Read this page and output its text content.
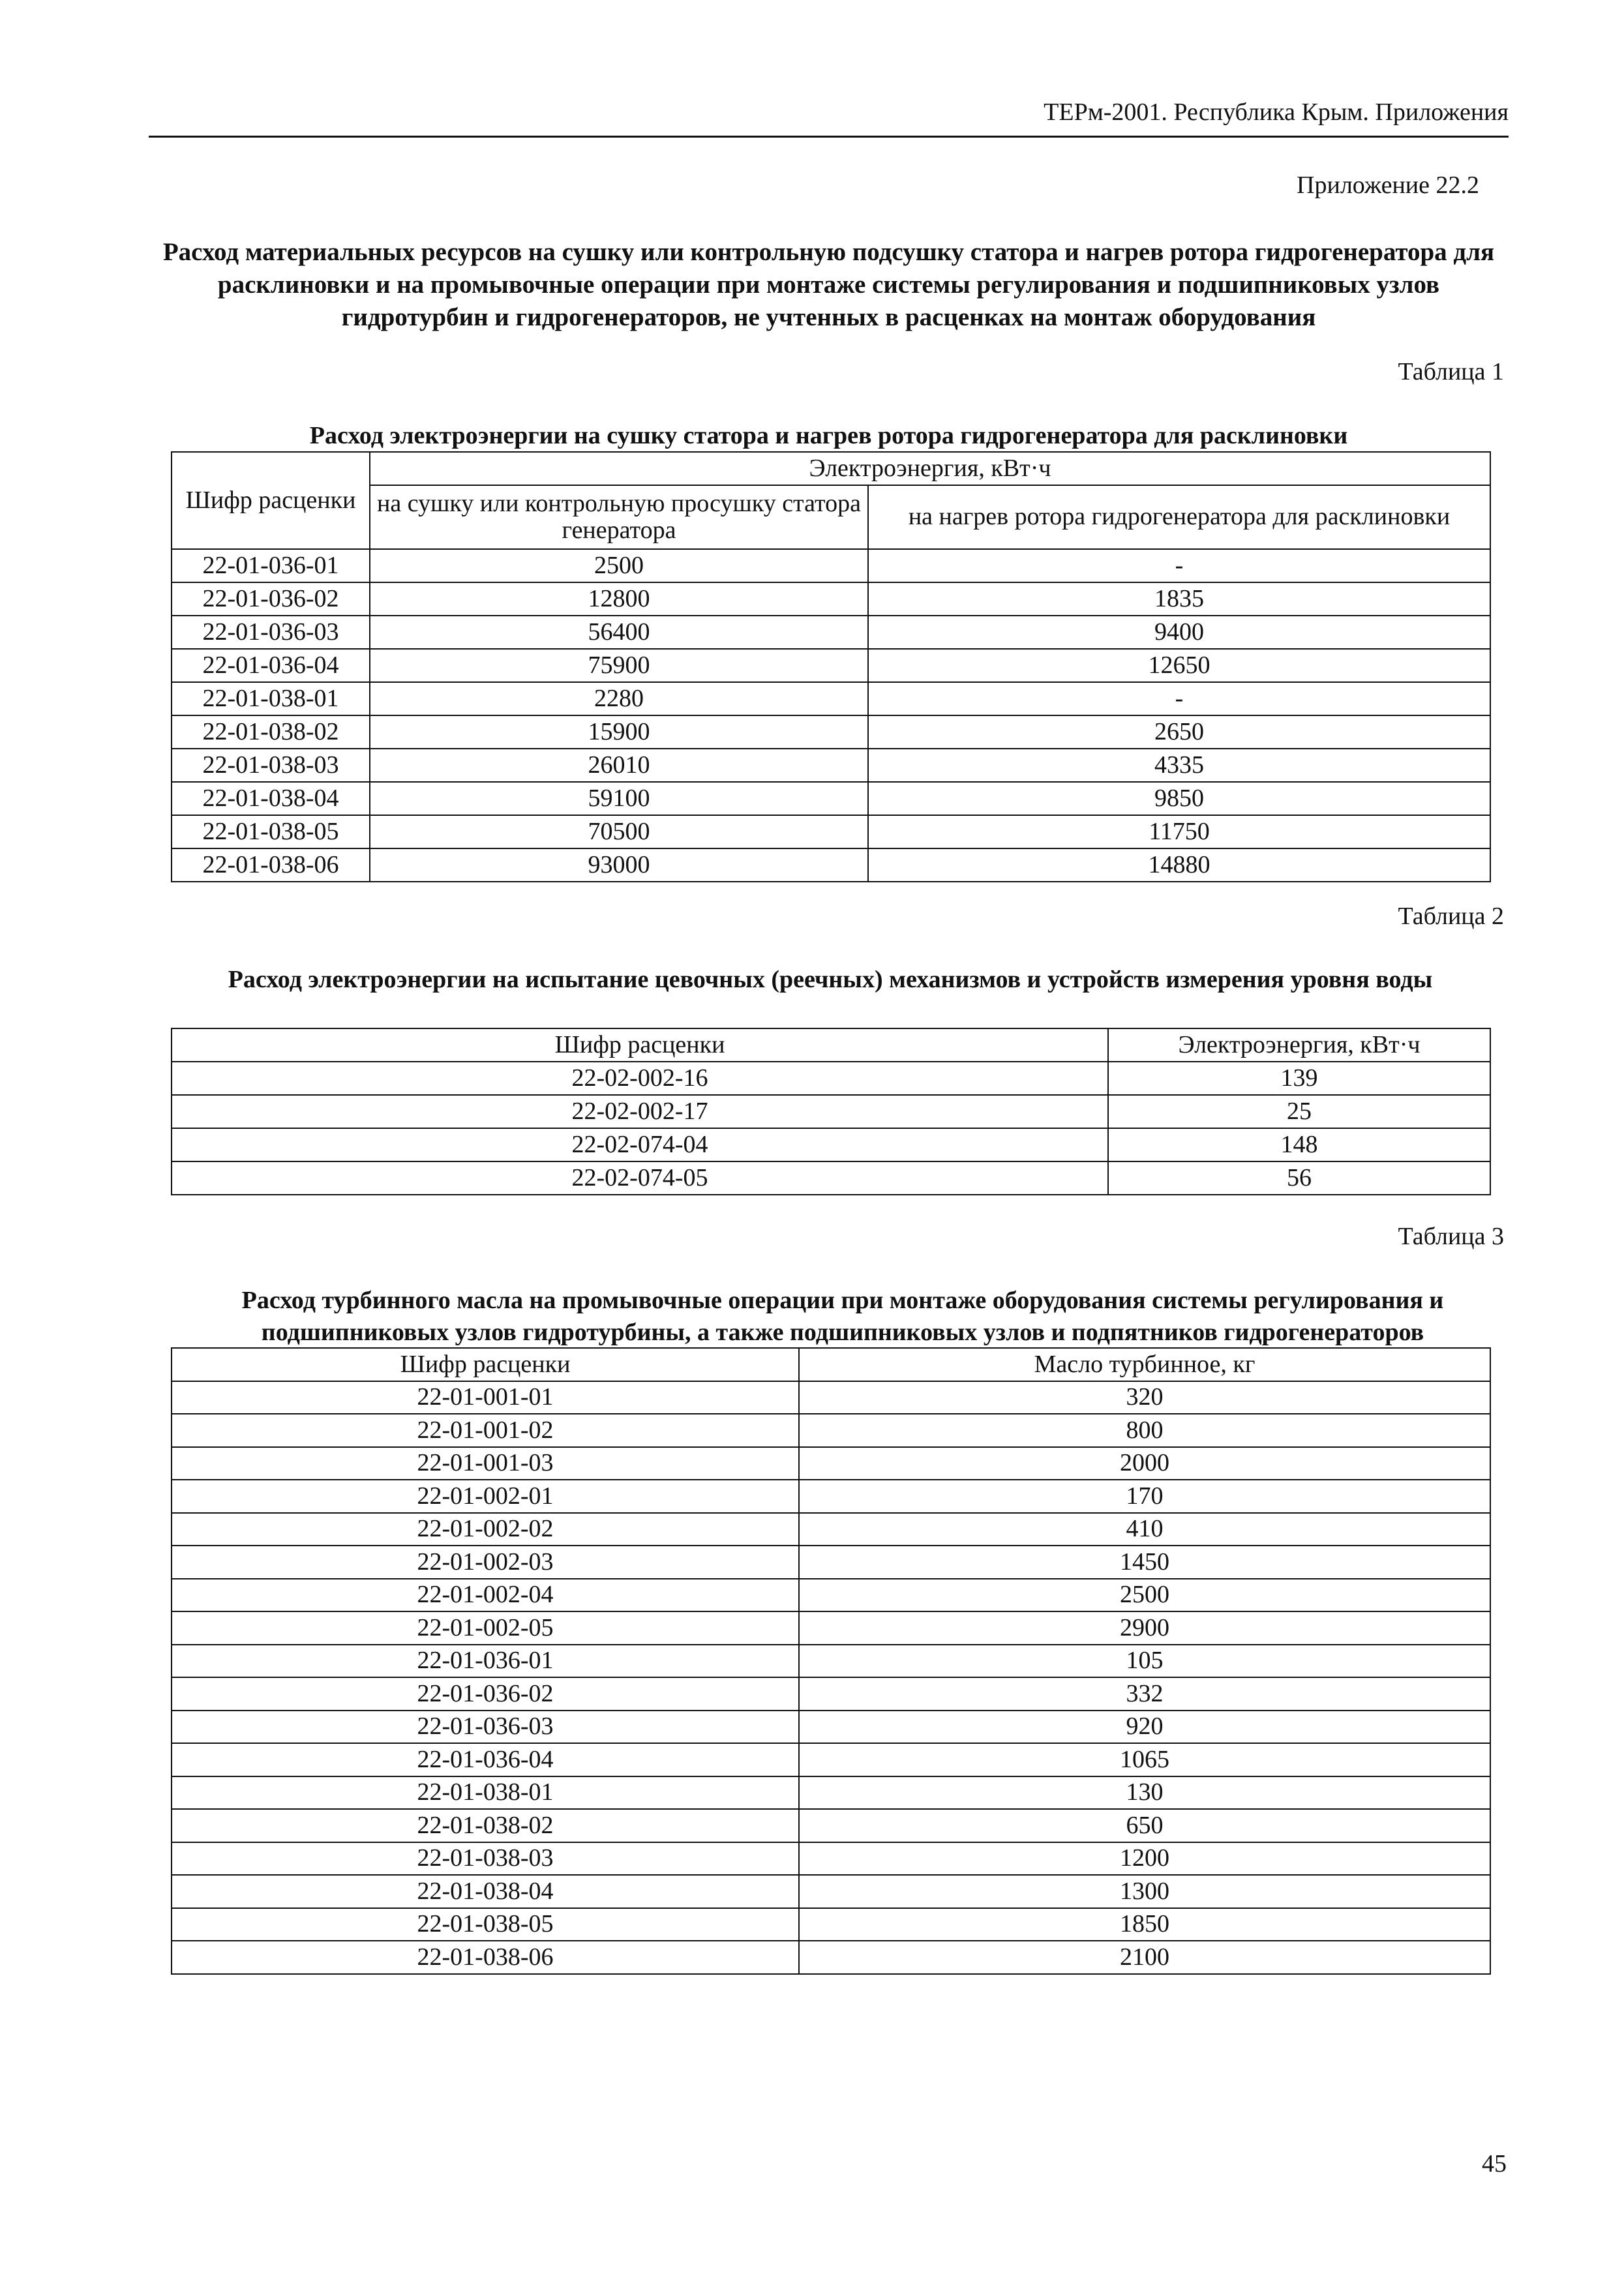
ТЕРм-2001. Республика Крым. Приложения
Приложение 22.2
Расход материальных ресурсов на сушку или контрольную подсушку статора и нагрев ротора гидрогенератора для расклиновки и на промывочные операции при монтаже системы регулирования и подшипниковых узлов гидротурбин и гидрогенераторов, не учтенных в расценках на монтаж оборудования
Таблица 1
Расход электроэнергии на сушку статора и нагрев ротора гидрогенератора для расклиновки
Шифр расценки	Электроэнергия, кВт·ч	
	на сушку или контрольную просушку статора генератора	на нагрев ротора гидрогенератора для расклиновки
22-01-036-01	2500	-
22-01-036-02	12800	1835
22-01-036-03	56400	9400
22-01-036-04	75900	12650
22-01-038-01	2280	-
22-01-038-02	15900	2650
22-01-038-03	26010	4335
22-01-038-04	59100	9850
22-01-038-05	70500	11750
22-01-038-06	93000	14880
Таблица 2
Расход электроэнергии на испытание цевочных (реечных) механизмов и устройств измерения уровня воды
Шифр расценки	Электроэнергия, кВт·ч
22-02-002-16	139
22-02-002-17	25
22-02-074-04	148
22-02-074-05	56
Таблица 3
Расход турбинного масла на промывочные операции при монтаже оборудования системы регулирования и подшипниковых узлов гидротурбины, а также подшипниковых узлов и подпятников гидрогенераторов
Шифр расценки	Масло турбинное, кг
22-01-001-01	320
22-01-001-02	800
22-01-001-03	2000
22-01-002-01	170
22-01-002-02	410
22-01-002-03	1450
22-01-002-04	2500
22-01-002-05	2900
22-01-036-01	105
22-01-036-02	332
22-01-036-03	920
22-01-036-04	1065
22-01-038-01	130
22-01-038-02	650
22-01-038-03	1200
22-01-038-04	1300
22-01-038-05	1850
22-01-038-06	2100
45
